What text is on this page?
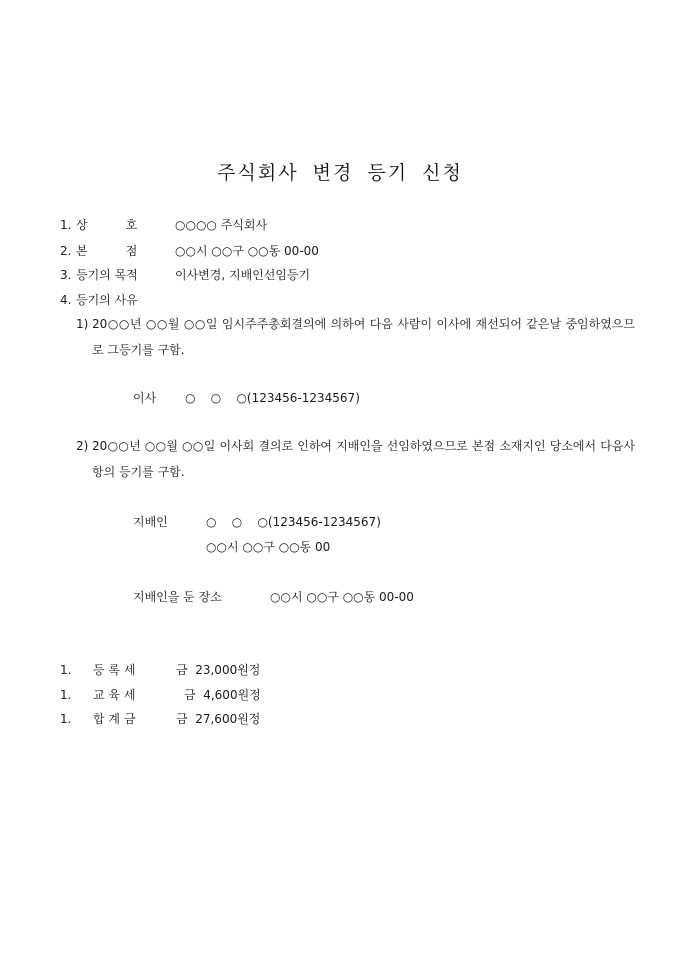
주식회사 변경 등기 신청
1. 상          호	○○○○ 주식회사
2. 본          점	○○시 ○○구 ○○동 00-00
3. 등기의 목적	이사변경, 지배인선임등기
4. 등기의 사유
1) 20○○년 ○○월 ○○일 임시주주총회결의에 의하여 다음 사람이 이사에 재선되어 같은날 중임하였으므로 그등기를 구함.
이사 ○    ○    ○(123456-1234567)
2) 20○○년 ○○월 ○○일 이사회 결의로 인하여 지배인을 선임하였으므로 본점 소재지인 당소에서 다음사항의 등기를 구함.
지배인	○    ○    ○(123456-1234567)
○○시 ○○구 ○○동 00
지배인을 둔 장소	○○시 ○○구 ○○동 00-00
1. 등 록 세	금  23,000원정
1. 교 육 세	금  4,600원정
1. 합 계 금	금  27,600원정
